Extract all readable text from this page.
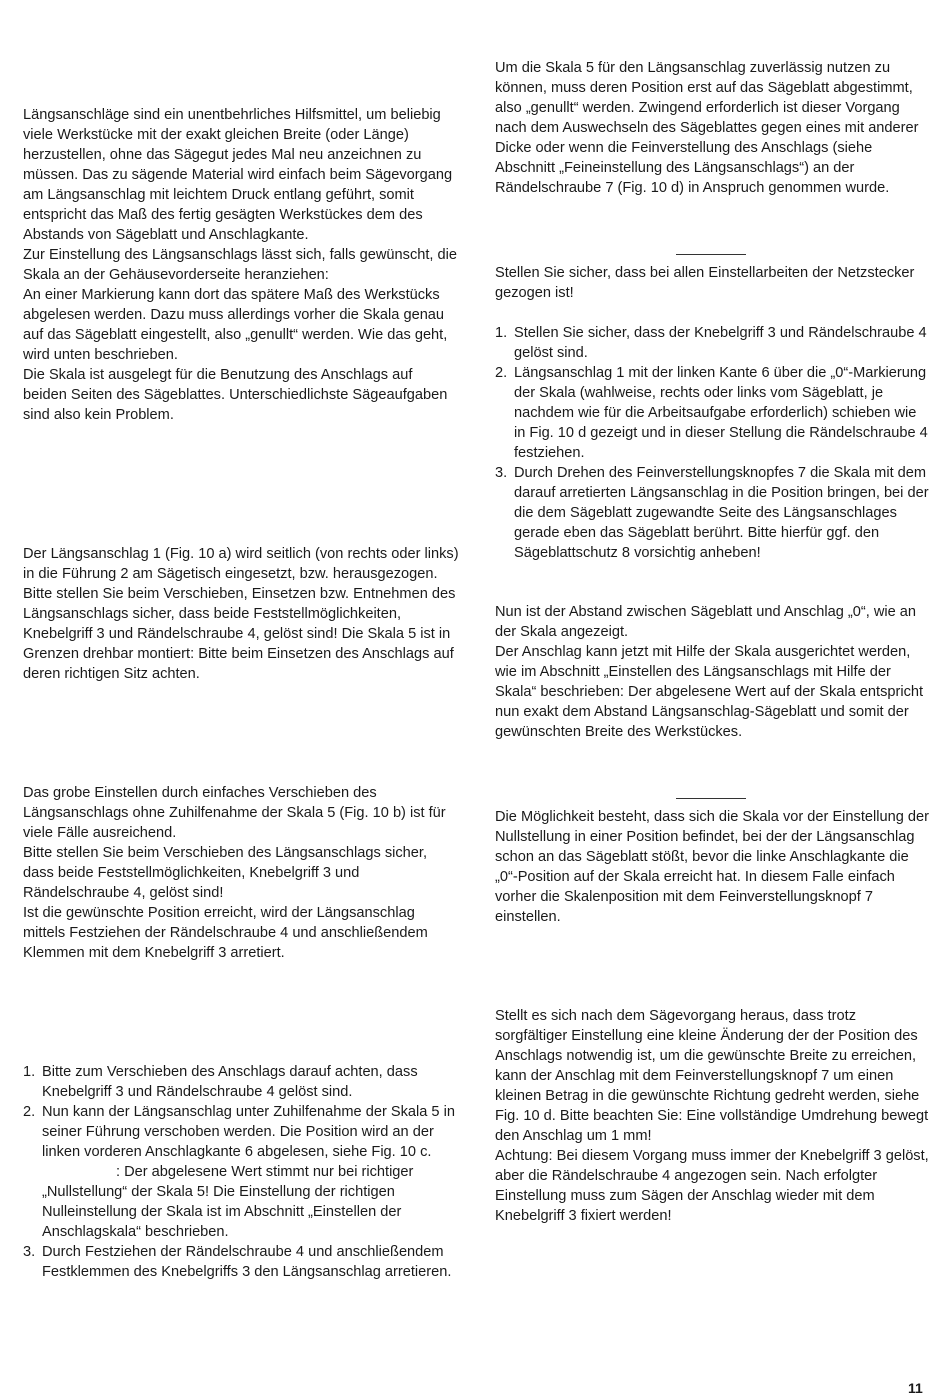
Längsanschläge sind ein unentbehrliches Hilfsmittel, um beliebig viele Werkstücke mit der exakt gleichen Breite (oder Länge) herzustellen, ohne das Sägegut jedes Mal neu anzeichnen zu müssen. Das zu sägende Material wird einfach beim Sägevorgang am Längsanschlag mit leichtem Druck entlang geführt, somit entspricht das Maß des fertig gesägten Werkstückes dem des Abstands von Sägeblatt und Anschlagkante.

Zur Einstellung des Längsanschlags lässt sich, falls gewünscht, die Skala an der Gehäusevorderseite heranziehen:

An einer Markierung kann dort das spätere Maß des Werkstücks abgelesen werden. Dazu muss allerdings vorher die Skala genau auf das Sägeblatt eingestellt, also „genullt“ werden. Wie das geht, wird unten beschrieben.

Die Skala ist ausgelegt für die Benutzung des Anschlags auf beiden Seiten des Sägeblattes. Unterschiedlichste Sägeaufgaben sind also kein Problem.

Der Längsanschlag 1 (Fig. 10 a) wird seitlich (von rechts oder links) in die Führung 2 am Sägetisch eingesetzt, bzw. herausgezogen. Bitte stellen Sie beim Verschieben, Einsetzen bzw. Entnehmen des Längsanschlags sicher, dass beide Feststellmöglichkeiten, Knebelgriff 3 und Rändelschraube 4, gelöst sind! Die Skala 5 ist in Grenzen drehbar montiert: Bitte beim Einsetzen des Anschlags auf deren richtigen Sitz achten.

Das grobe Einstellen durch einfaches Verschieben des Längsanschlags ohne Zuhilfenahme der Skala 5 (Fig. 10 b) ist für viele Fälle ausreichend.

Bitte stellen Sie beim Verschieben des Längsanschlags sicher, dass beide Feststellmöglichkeiten, Knebelgriff 3 und Rändelschraube 4, gelöst sind!

Ist die gewünschte Position erreicht, wird der Längsanschlag mittels Festziehen der Rändelschraube 4 und anschließendem Klemmen mit dem Knebelgriff 3 arretiert.

1. Bitte zum Verschieben des Anschlags darauf achten, dass Knebelgriff 3 und Rändelschraube 4 gelöst sind.
2. Nun kann der Längsanschlag unter Zuhilfenahme der Skala 5 in seiner Führung verschoben werden. Die Position wird an der linken vorderen Anschlagkante 6 abgelesen, siehe Fig. 10 c.: Der abgelesene Wert stimmt nur bei richtiger „Nullstellung“ der Skala 5! Die Einstellung der richtigen Nulleinstellung der Skala ist im Abschnitt „Einstellen der Anschlagskala“ beschrieben.
3. Durch Festziehen der Rändelschraube 4 und anschließendem Festklemmen des Knebelgriffs 3 den Längsanschlag arretieren.

Um die Skala 5 für den Längsanschlag zuverlässig nutzen zu können, muss deren Position erst auf das Sägeblatt abgestimmt, also „genullt“ werden. Zwingend erforderlich ist dieser Vorgang nach dem Auswechseln des Sägeblattes gegen eines mit anderer Dicke oder wenn die Feinverstellung des Anschlags (siehe Abschnitt „Feineinstellung des Längsanschlags“) an der Rändelschraube 7 (Fig. 10 d) in Anspruch genommen wurde.

Stellen Sie sicher, dass bei allen Einstellarbeiten der Netzstecker gezogen ist!

1. Stellen Sie sicher, dass der Knebelgriff 3 und Rändelschraube 4 gelöst sind.
2. Längsanschlag 1 mit der linken Kante 6 über die „0“-Markierung der Skala (wahlweise, rechts oder links vom Sägeblatt, je nachdem wie für die Arbeitsaufgabe erforderlich) schieben wie in Fig. 10 d gezeigt und in dieser Stellung die Rändelschraube 4 festziehen.
3. Durch Drehen des Feinverstellungsknopfes 7 die Skala mit dem darauf arretierten Längsanschlag in die Position bringen, bei der die dem Sägeblatt zugewandte Seite des Längsanschlages gerade eben das Sägeblatt berührt. Bitte hierfür ggf. den Sägeblattschutz 8 vorsichtig anheben!

Nun ist der Abstand zwischen Sägeblatt und Anschlag „0“, wie an der Skala angezeigt.

Der Anschlag kann jetzt mit Hilfe der Skala ausgerichtet werden, wie im Abschnitt „Einstellen des Längsanschlags mit Hilfe der Skala“ beschrieben: Der abgelesene Wert auf der Skala entspricht nun exakt dem Abstand Längsanschlag-Sägeblatt und somit der gewünschten Breite des Werkstückes.

Die Möglichkeit besteht, dass sich die Skala vor der Einstellung der Nullstellung in einer Position befindet, bei der der Längsanschlag schon an das Sägeblatt stößt, bevor die linke Anschlagkante die „0“-Position auf der Skala erreicht hat. In diesem Falle einfach vorher die Skalenposition mit dem Feinverstellungsknopf 7 einstellen.

Stellt es sich nach dem Sägevorgang heraus, dass trotz sorgfältiger Einstellung eine kleine Änderung der der Position des Anschlags notwendig ist, um die gewünschte Breite zu erreichen, kann der Anschlag mit dem Feinverstellungsknopf 7 um einen kleinen Betrag in die gewünschte Richtung gedreht werden, siehe Fig. 10 d. Bitte beachten Sie: Eine vollständige Umdrehung bewegt den Anschlag um 1 mm!

Achtung: Bei diesem Vorgang muss immer der Knebelgriff 3 gelöst, aber die Rändelschraube 4 angezogen sein. Nach erfolgter Einstellung muss zum Sägen der Anschlag wieder mit dem Knebelgriff 3 fixiert werden!

11
